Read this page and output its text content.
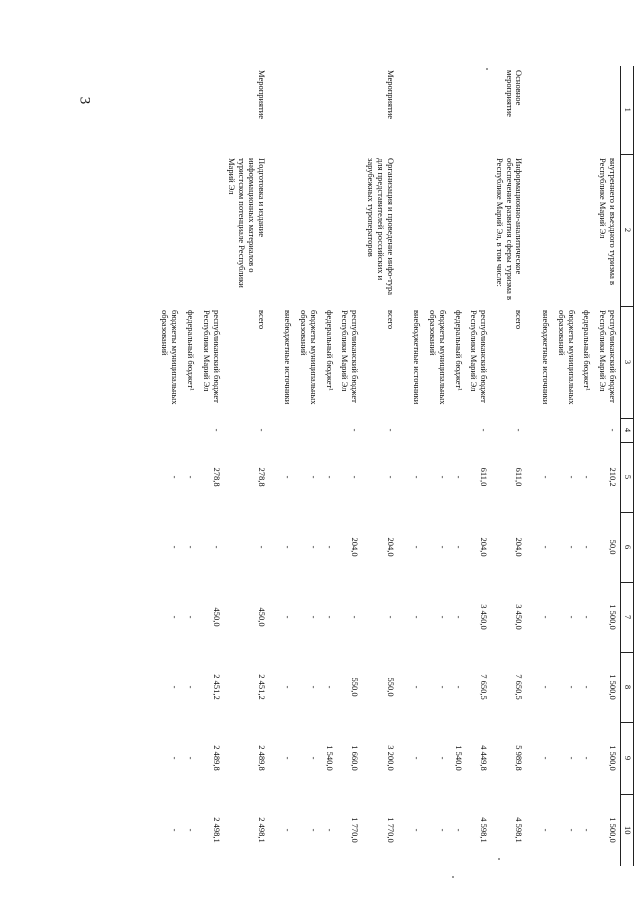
3
1	2	3	4	5	6	7	8	9	10
	внутреннего и въездного туризма в Республике Марий Эл	республиканский бюджет Республики Марий Эл	-	210,2	50,0	1 500,0	1 500,0	1 500,0	1 500,0
		федеральный бюджет¹		-	-	-	-	-	-
		бюджеты муниципальных образований		-	-	-	-	-	-
		внебюджетные источники		-	-	-	-	-	-
Основное мероприятие	Информационно-аналитическое обеспечение развития сферы туризма в Республике Марий Эл, в том числе:	всего	-	611,0	204,0	3 450,0	7 650,5	5 989,8	4 598,1
		республиканский бюджет Республики Марий Эл	-	611,0	204,0	3 450,0	7 650,5	4 449,8	4 598,1
		федеральный бюджет¹		-	-	-	-	1 540,0	-
		бюджеты муниципальных образований		-	-	-	-	-	-
		внебюджетные источники		-	-	-	-	-	-
Мероприятие	Организация и проведение инфо-тура для представителей российских и зарубежных туроператоров	всего	-	-	204,0	-	550,0	3 200,0	1 770,0
		республиканский бюджет Республики Марий Эл	-	-	204,0	-	550,0	1 660,0	1 770,0
		федеральный бюджет¹		-	-	-	-	1 540,0	-
		бюджеты муниципальных образований		-	-	-	-	-	-
		внебюджетные источники		-	-	-	-	-	-
Мероприятие	Подготовка и издание информационных материалов о туристском потенциале Республики Марий Эл	всего	-	278,8	-	450,0	2 451,2	2 489,8	2 498,1
		республиканский бюджет Республики Марий Эл	-	278,8	-	450,0	2 451,2	2 489,8	2 498,1
		федеральный бюджет¹		-	-	-	-	-	-
		бюджеты муниципальных образований		-	-	-	-	-	-
